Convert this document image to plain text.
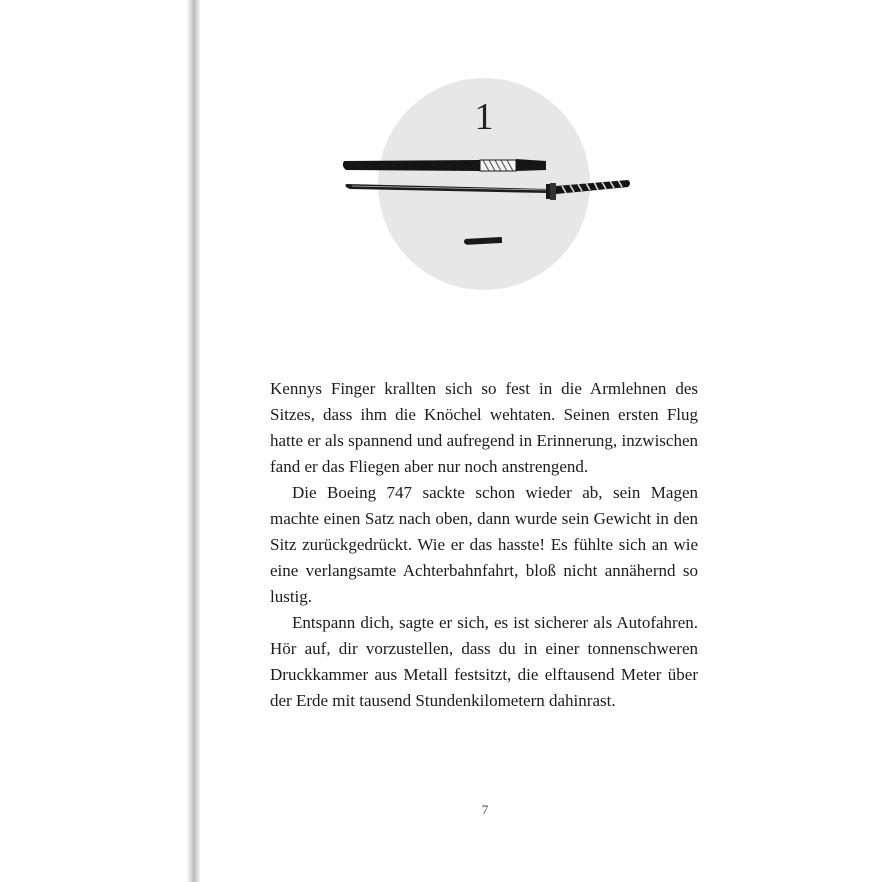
1

Kennys Finger krallten sich so fest in die Armlehnen des Sitzes, dass ihm die Knöchel wehtaten. Seinen ersten Flug hatte er als spannend und aufregend in Erinnerung, inzwischen fand er das Fliegen aber nur noch anstrengend.

Die Boeing 747 sackte schon wieder ab, sein Magen machte einen Satz nach oben, dann wurde sein Gewicht in den Sitz zurückgedrückt. Wie er das hasste! Es fühlte sich an wie eine verlangsamte Achterbahnfahrt, bloß nicht annähernd so lustig.

Entspann dich, sagte er sich, es ist sicherer als Autofahren. Hör auf, dir vorzustellen, dass du in einer tonnenschweren Druckkammer aus Metall festsitzt, die elftausend Meter über der Erde mit tausend Stundenkilometern dahinrast.

7
